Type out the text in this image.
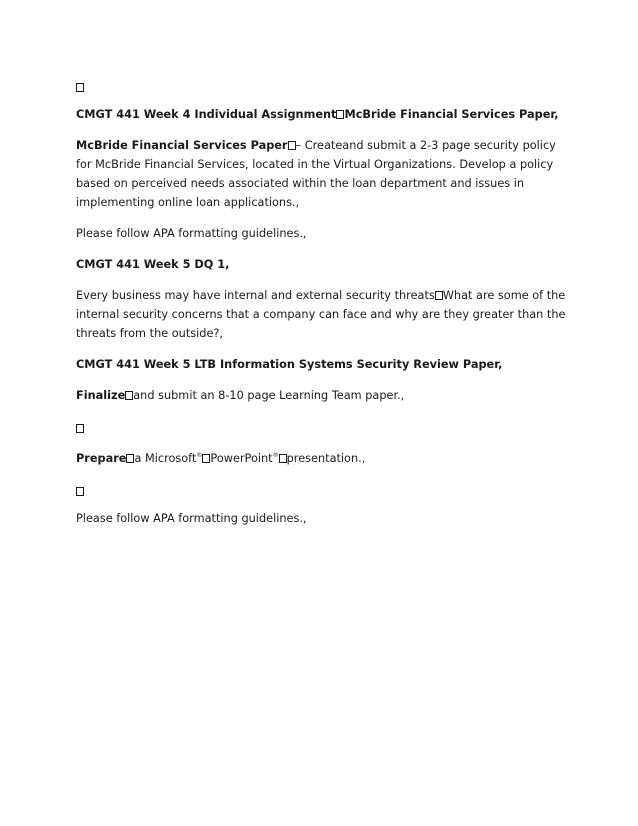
CMGT 441 Week 4 Individual Assignment McBride Financial Services Paper,

McBride Financial Services Paper – Createand submit a 2-3 page security policy for McBride Financial Services, located in the Virtual Organizations. Develop a policy based on perceived needs associated within the loan department and issues in implementing online loan applications.,

Please follow APA formatting guidelines.,

CMGT 441 Week 5 DQ 1,

Every business may have internal and external security threats What are some of the internal security concerns that a company can face and why are they greater than the threats from the outside?,

CMGT 441 Week 5 LTB Information Systems Security Review Paper,

Finalize and submit an 8-10 page Learning Team paper.,

Prepare a Microsoft® PowerPoint® presentation.,

Please follow APA formatting guidelines.,
